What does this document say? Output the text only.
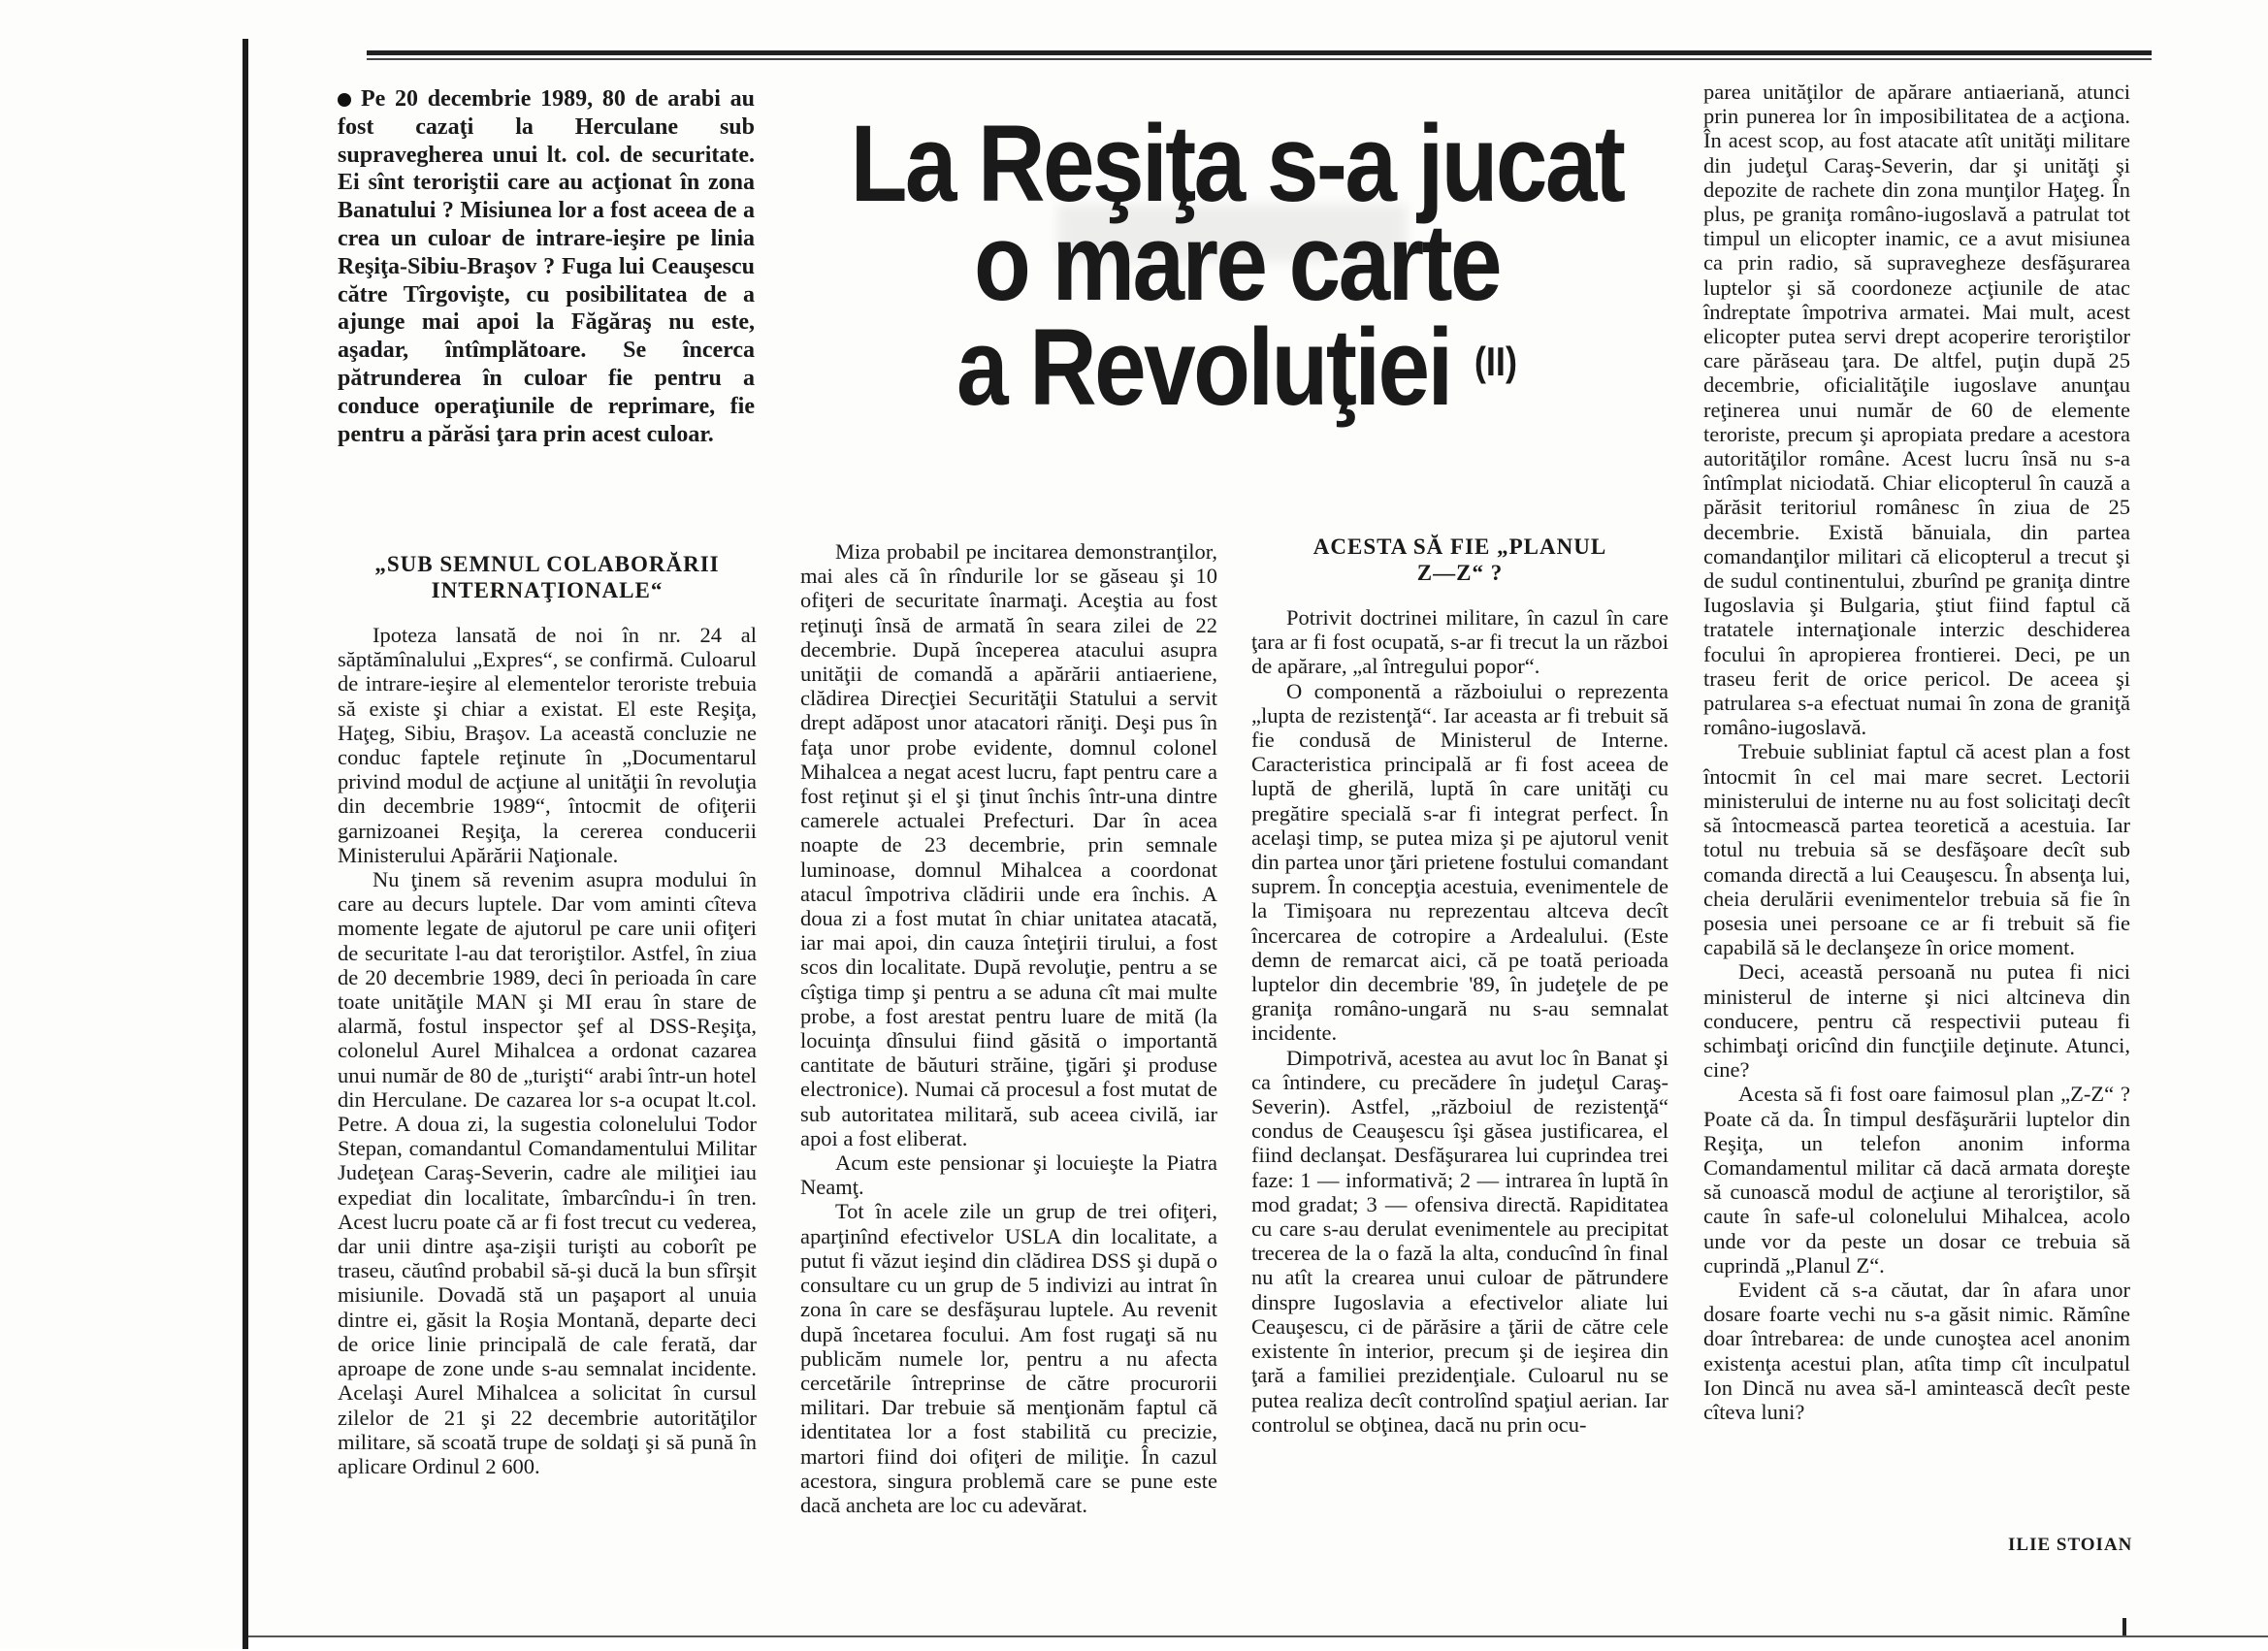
Pe 20 decembrie 1989, 80 de arabi au fost cazaţi la Herculane sub supravegherea unui lt. col. de securitate. Ei sînt teroriştii care au acţionat în zona Banatului ? Misiunea lor a fost aceea de a crea un culoar de intrare-ieşire pe linia Reşiţa-Sibiu-Braşov ? Fuga lui Ceauşescu către Tîrgovişte, cu posibilitatea de a ajunge mai apoi la Făgăraş nu este, aşadar, întîmplătoare. Se încerca pătrunderea în culoar fie pentru a conduce operaţiunile de reprimare, fie pentru a părăsi ţara prin acest culoar.
La Reşiţa s-a jucat
o mare carte
a Revoluţiei $^{(II)}$
„SUB SEMNUL COLABORĂRII
INTERNAŢIONALE“

Ipoteza lansată de noi în nr. 24 al săptămînalului „Expres“, se confirmă. Culoarul de intrare-ieşire al elementelor teroriste trebuia să existe şi chiar a existat. El este Reşiţa, Haţeg, Sibiu, Braşov. La această concluzie ne conduc faptele reţinute în „Documentarul privind modul de acţiune al unităţii în revoluţia din decembrie 1989“, întocmit de ofiţerii garnizoanei Reşiţa, la cererea conducerii Ministerului Apărării Naţionale.

Nu ţinem să revenim asupra modului în care au decurs luptele. Dar vom aminti cîteva momente legate de ajutorul pe care unii ofiţeri de securitate l-au dat teroriştilor. Astfel, în ziua de 20 decembrie 1989, deci în perioada în care toate unităţile MAN şi MI erau în stare de alarmă, fostul inspector şef al DSS-Reşiţa, colonelul Aurel Mihalcea a ordonat cazarea unui număr de 80 de „turişti“ arabi într-un hotel din Herculane. De cazarea lor s-a ocupat lt.col. Petre. A doua zi, la sugestia colonelului Todor Stepan, comandantul Comandamentului Militar Judeţean Caraş-Severin, cadre ale miliţiei iau expediat din localitate, îmbarcîndu-i în tren. Acest lucru poate că ar fi fost trecut cu vederea, dar unii dintre aşa-zişii turişti au coborît pe traseu, căutînd probabil să-şi ducă la bun sfîrşit misiunile. Dovadă stă un paşaport al unuia dintre ei, găsit la Roşia Montană, departe deci de orice linie principală de cale ferată, dar aproape de zone unde s-au semnalat incidente. Acelaşi Aurel Mihalcea a solicitat în cursul zilelor de 21 şi 22 decembrie autorităţilor militare, să scoată trupe de soldaţi şi să pună în aplicare Ordinul 2 600.

Miza probabil pe incitarea demonstranţilor, mai ales că în rîndurile lor se găseau şi 10 ofiţeri de securitate înarmaţi. Aceştia au fost reţinuţi însă de armată în seara zilei de 22 decembrie. După începerea atacului asupra unităţii de comandă a apărării antiaeriene, clădirea Direcţiei Securităţii Statului a servit drept adăpost unor atacatori răniţi. Deşi pus în faţa unor probe evidente, domnul colonel Mihalcea a negat acest lucru, fapt pentru care a fost reţinut şi el şi ţinut închis într-una dintre camerele actualei Prefecturi. Dar în acea noapte de 23 decembrie, prin semnale luminoase, domnul Mihalcea a coordonat atacul împotriva clădirii unde era închis. A doua zi a fost mutat în chiar unitatea atacată, iar mai apoi, din cauza înteţirii tirului, a fost scos din localitate. După revoluţie, pentru a se cîştiga timp şi pentru a se aduna cît mai multe probe, a fost arestat pentru luare de mită (la locuinţa dînsului fiind găsită o importantă cantitate de băuturi străine, ţigări şi produse electronice). Numai că procesul a fost mutat de sub autoritatea militară, sub aceea civilă, iar apoi a fost eliberat.

Acum este pensionar şi locuieşte la Piatra Neamţ.

Tot în acele zile un grup de trei ofiţeri, aparţinînd efectivelor USLA din localitate, a putut fi văzut ieşind din clădirea DSS şi după o consultare cu un grup de 5 indivizi au intrat în zona în care se desfăşurau luptele. Au revenit după încetarea focului. Am fost rugaţi să nu publicăm numele lor, pentru a nu afecta cercetările întreprinse de către procurorii militari. Dar trebuie să menţionăm faptul că identitatea lor a fost stabilită cu precizie, martori fiind doi ofiţeri de miliţie. În cazul acestora, singura problemă care se pune este dacă ancheta are loc cu adevărat.

ACESTA SĂ FIE „PLANUL
Z—Z“ ?

Potrivit doctrinei militare, în cazul în care ţara ar fi fost ocupată, s-ar fi trecut la un război de apărare, „al întregului popor“.

O componentă a războiului o reprezenta „lupta de rezistenţă“. Iar aceasta ar fi trebuit să fie condusă de Ministerul de Interne. Caracteristica principală ar fi fost aceea de luptă de gherilă, luptă în care unităţi cu pregătire specială s-ar fi integrat perfect. În acelaşi timp, se putea miza şi pe ajutorul venit din partea unor ţări prietene fostului comandant suprem. În concepţia acestuia, evenimentele de la Timişoara nu reprezentau altceva decît încercarea de cotropire a Ardealului. (Este demn de remarcat aici, că pe toată perioada luptelor din decembrie '89, în judeţele de pe graniţa româno-ungară nu s-au semnalat incidente.

Dimpotrivă, acestea au avut loc în Banat şi ca întindere, cu precădere în judeţul Caraş-Severin). Astfel, „războiul de rezistenţă“ condus de Ceauşescu îşi găsea justificarea, el fiind declanşat. Desfăşurarea lui cuprindea trei faze: 1 — informativă; 2 — intrarea în luptă în mod gradat; 3 — ofensiva directă. Rapiditatea cu care s-au derulat evenimentele au precipitat trecerea de la o fază la alta, conducînd în final nu atît la crearea unui culoar de pătrundere dinspre Iugoslavia a efectivelor aliate lui Ceauşescu, ci de părăsire a ţării de către cele existente în interior, precum şi de ieşirea din ţară a familiei prezidenţiale. Culoarul nu se putea realiza decît controlînd spaţiul aerian. Iar controlul se obţinea, dacă nu prin ocu-

parea unităţilor de apărare antiaeriană, atunci prin punerea lor în imposibilitatea de a acţiona. În acest scop, au fost atacate atît unităţi militare din judeţul Caraş-Severin, dar şi unităţi şi depozite de rachete din zona munţilor Haţeg. În plus, pe graniţa româno-iugoslavă a patrulat tot timpul un elicopter inamic, ce a avut misiunea ca prin radio, să supravegheze desfăşurarea luptelor şi să coordoneze acţiunile de atac îndreptate împotriva armatei. Mai mult, acest elicopter putea servi drept acoperire teroriştilor care părăseau ţara. De altfel, puţin după 25 decembrie, oficialităţile iugoslave anunţau reţinerea unui număr de 60 de elemente teroriste, precum şi apropiata predare a acestora autorităţilor române. Acest lucru însă nu s-a întîmplat niciodată. Chiar elicopterul în cauză a părăsit teritoriul românesc în ziua de 25 decembrie. Există bănuiala, din partea comandanţilor militari că elicopterul a trecut şi de sudul continentului, zburînd pe graniţa dintre Iugoslavia şi Bulgaria, ştiut fiind faptul că tratatele internaţionale interzic deschiderea focului în apropierea frontierei. Deci, pe un traseu ferit de orice pericol. De aceea şi patrularea s-a efectuat numai în zona de graniţă româno-iugoslavă.

Trebuie subliniat faptul că acest plan a fost întocmit în cel mai mare secret. Lectorii ministerului de interne nu au fost solicitaţi decît să întocmească partea teoretică a acestuia. Iar totul nu trebuia să se desfăşoare decît sub comanda directă a lui Ceauşescu. În absenţa lui, cheia derulării evenimentelor trebuia să fie în posesia unei persoane ce ar fi trebuit să fie capabilă să le declanşeze în orice moment.

Deci, această persoană nu putea fi nici ministerul de interne şi nici altcineva din conducere, pentru că respectivii puteau fi schimbaţi oricînd din funcţiile deţinute. Atunci, cine?

Acesta să fi fost oare faimosul plan „Z-Z“ ? Poate că da. În timpul desfăşurării luptelor din Reşiţa, un telefon anonim informa Comandamentul militar că dacă armata doreşte să cunoască modul de acţiune al teroriştilor, să caute în safe-ul colonelului Mihalcea, acolo unde vor da peste un dosar ce trebuia să cuprindă „Planul Z“.

Evident că s-a căutat, dar în afara unor dosare foarte vechi nu s-a găsit nimic. Rămîne doar întrebarea: de unde cunoştea acel anonim existenţa acestui plan, atîta timp cît inculpatul Ion Dincă nu avea să-l amintească decît peste cîteva luni?

ILIE STOIAN
